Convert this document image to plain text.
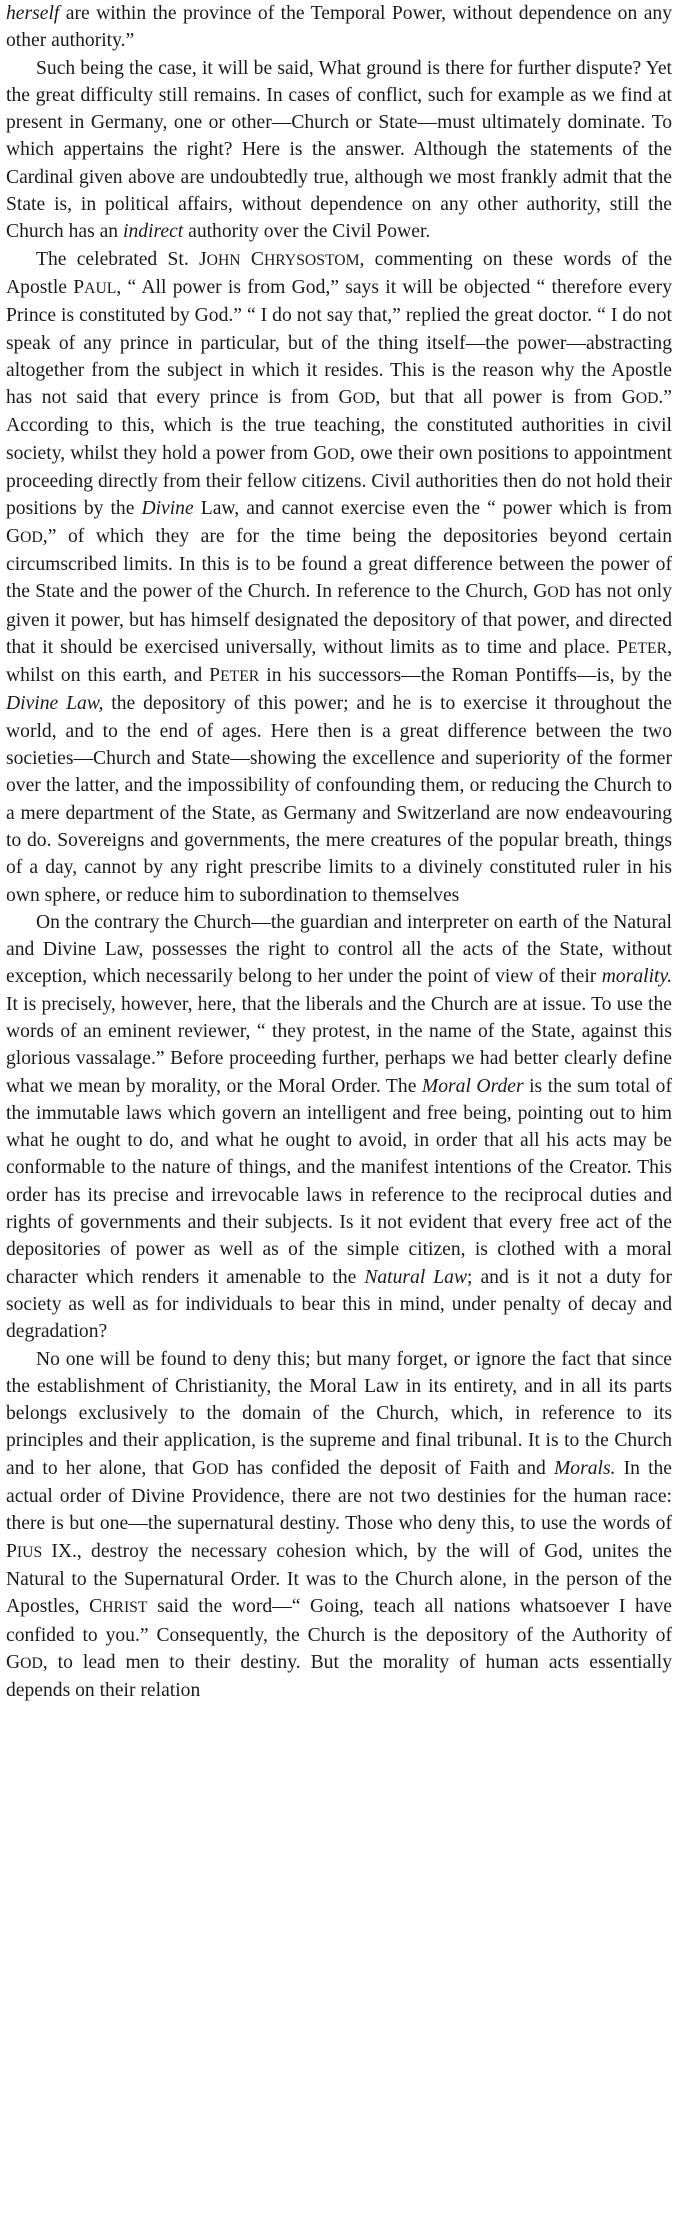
herself are within the province of the Temporal Power, without dependence on any other authority.”

Such being the case, it will be said, What ground is there for further dispute? Yet the great difficulty still remains. In cases of conflict, such for example as we find at present in Germany, one or other—Church or State—must ultimately dominate. To which appertains the right? Here is the answer. Although the statements of the Cardinal given above are undoubtedly true, although we most frankly admit that the State is, in political affairs, without dependence on any other authority, still the Church has an indirect authority over the Civil Power.

The celebrated St. JOHN CHRYSOSTOM, commenting on these words of the Apostle PAUL, “ All power is from God,” says it will be objected “ therefore every Prince is constituted by God.” “ I do not say that,” replied the great doctor. “ I do not speak of any prince in particular, but of the thing itself—the power—abstracting altogether from the subject in which it resides. This is the reason why the Apostle has not said that every prince is from GOD, but that all power is from GOD.” According to this, which is the true teaching, the constituted authorities in civil society, whilst they hold a power from GOD, owe their own positions to appointment proceeding directly from their fellow citizens. Civil authorities then do not hold their positions by the Divine Law, and cannot exercise even the “ power which is from GOD,” of which they are for the time being the depositories beyond certain circumscribed limits. In this is to be found a great difference between the power of the State and the power of the Church. In reference to the Church, GOD has not only given it power, but has himself designated the depository of that power, and directed that it should be exercised universally, without limits as to time and place. PETER, whilst on this earth, and PETER in his successors—the Roman Pontiffs—is, by the Divine Law, the depository of this power; and he is to exercise it throughout the world, and to the end of ages. Here then is a great difference between the two societies—Church and State—showing the excellence and superiority of the former over the latter, and the impossibility of confounding them, or reducing the Church to a mere department of the State, as Germany and Switzerland are now endeavouring to do. Sovereigns and governments, the mere creatures of the popular breath, things of a day, cannot by any right prescribe limits to a divinely constituted ruler in his own sphere, or reduce him to subordination to themselves

On the contrary the Church—the guardian and interpreter on earth of the Natural and Divine Law, possesses the right to control all the acts of the State, without exception, which necessarily belong to her under the point of view of their morality. It is precisely, however, here, that the liberals and the Church are at issue. To use the words of an eminent reviewer, “ they protest, in the name of the State, against this glorious vassalage.” Before proceeding further, perhaps we had better clearly define what we mean by morality, or the Moral Order. The Moral Order is the sum total of the immutable laws which govern an intelligent and free being, pointing out to him what he ought to do, and what he ought to avoid, in order that all his acts may be conformable to the nature of things, and the manifest intentions of the Creator. This order has its precise and irrevocable laws in reference to the reciprocal duties and rights of governments and their subjects. Is it not evident that every free act of the depositories of power as well as of the simple citizen, is clothed with a moral character which renders it amenable to the Natural Law; and is it not a duty for society as well as for individuals to bear this in mind, under penalty of decay and degradation?

No one will be found to deny this; but many forget, or ignore the fact that since the establishment of Christianity, the Moral Law in its entirety, and in all its parts belongs exclusively to the domain of the Church, which, in reference to its principles and their application, is the supreme and final tribunal. It is to the Church and to her alone, that GOD has confided the deposit of Faith and Morals. In the actual order of Divine Providence, there are not two destinies for the human race: there is but one—the supernatural destiny. Those who deny this, to use the words of PIUS IX., destroy the necessary cohesion which, by the will of God, unites the Natural to the Supernatural Order. It was to the Church alone, in the person of the Apostles, CHRIST said the word—“ Going, teach all nations whatsoever I have confided to you.” Consequently, the Church is the depository of the Authority of GOD, to lead men to their destiny. But the morality of human acts essentially depends on their relation
